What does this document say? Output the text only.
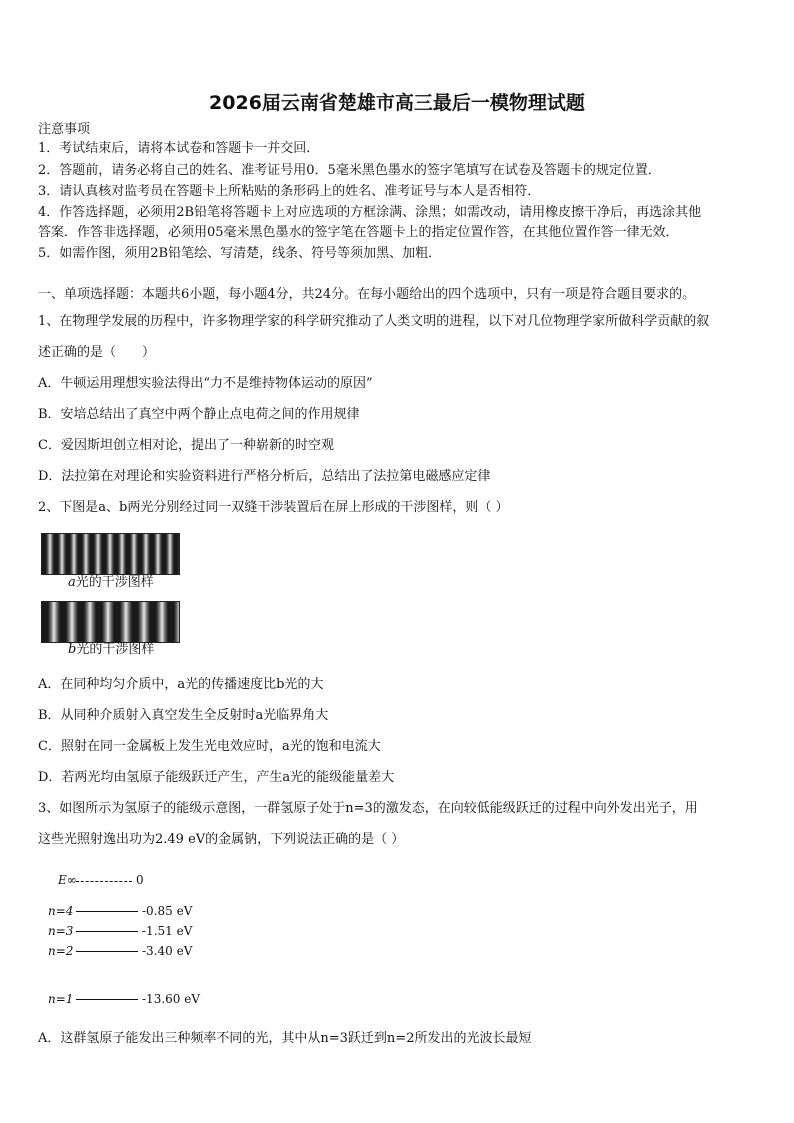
2026届云南省楚雄市高三最后一模物理试题
注意事项
1．考试结束后，请将本试卷和答题卡一并交回．
2．答题前，请务必将自己的姓名、准考证号用0．5毫米黑色墨水的签字笔填写在试卷及答题卡的规定位置．
3．请认真核对监考员在答题卡上所粘贴的条形码上的姓名、准考证号与本人是否相符．
4．作答选择题，必须用2B铅笔将答题卡上对应选项的方框涂满、涂黑；如需改动，请用橡皮擦干净后，再选涂其他
答案．作答非选择题，必须用05毫米黑色墨水的签字笔在答题卡上的指定位置作答，在其他位置作答一律无效．
5．如需作图，须用2B铅笔绘、写清楚，线条、符号等须加黑、加粗．
一、单项选择题：本题共6小题，每小题4分，共24分。在每小题给出的四个选项中，只有一项是符合题目要求的。
1、在物理学发展的历程中，许多物理学家的科学研究推动了人类文明的进程，以下对几位物理学家所做科学贡献的叙
述正确的是（　　）
A．牛顿运用理想实验法得出“力不是维持物体运动的原因”
B．安培总结出了真空中两个静止点电荷之间的作用规律
C．爱因斯坦创立相对论，提出了一种崭新的时空观
D．法拉第在对理论和实验资料进行严格分析后，总结出了法拉第电磁感应定律
2、下图是a、b两光分别经过同一双缝干涉装置后在屏上形成的干涉图样，则（ ）
a光的干涉图样
b光的干涉图样
A．在同种均匀介质中，a光的传播速度比b光的大
B．从同种介质射入真空发生全反射时a光临界角大
C．照射在同一金属板上发生光电效应时，a光的饱和电流大
D．若两光均由氢原子能级跃迁产生，产生a光的能级能量差大
3、如图所示为氢原子的能级示意图，一群氢原子处于n=3的激发态，在向较低能级跃迁的过程中向外发出光子，用
这些光照射逸出功为2.49 eV的金属钠，下列说法正确的是（ ）
E∞	0
n=4	-0.85 eV
n=3	-1.51 eV
n=2	-3.40 eV
n=1	-13.60 eV
A．这群氢原子能发出三种频率不同的光，其中从n=3跃迁到n=2所发出的光波长最短
